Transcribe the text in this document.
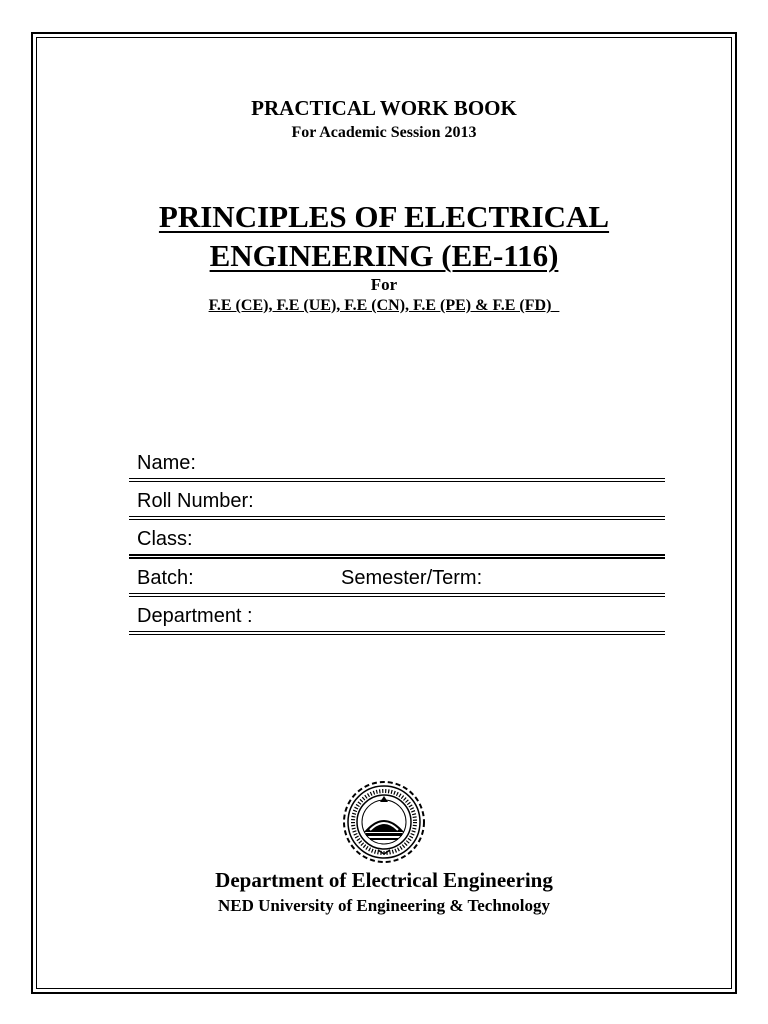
PRACTICAL WORK BOOK
For Academic Session 2013
PRINCIPLES OF ELECTRICAL
ENGINEERING (EE-116)
For
F.E (CE), F.E (UE), F.E (CN), F.E (PE) & F.E (FD)
Name:
Roll Number:
Class:
Batch:	Semester/Term:
Department :
Department of Electrical Engineering
NED University of Engineering & Technology
